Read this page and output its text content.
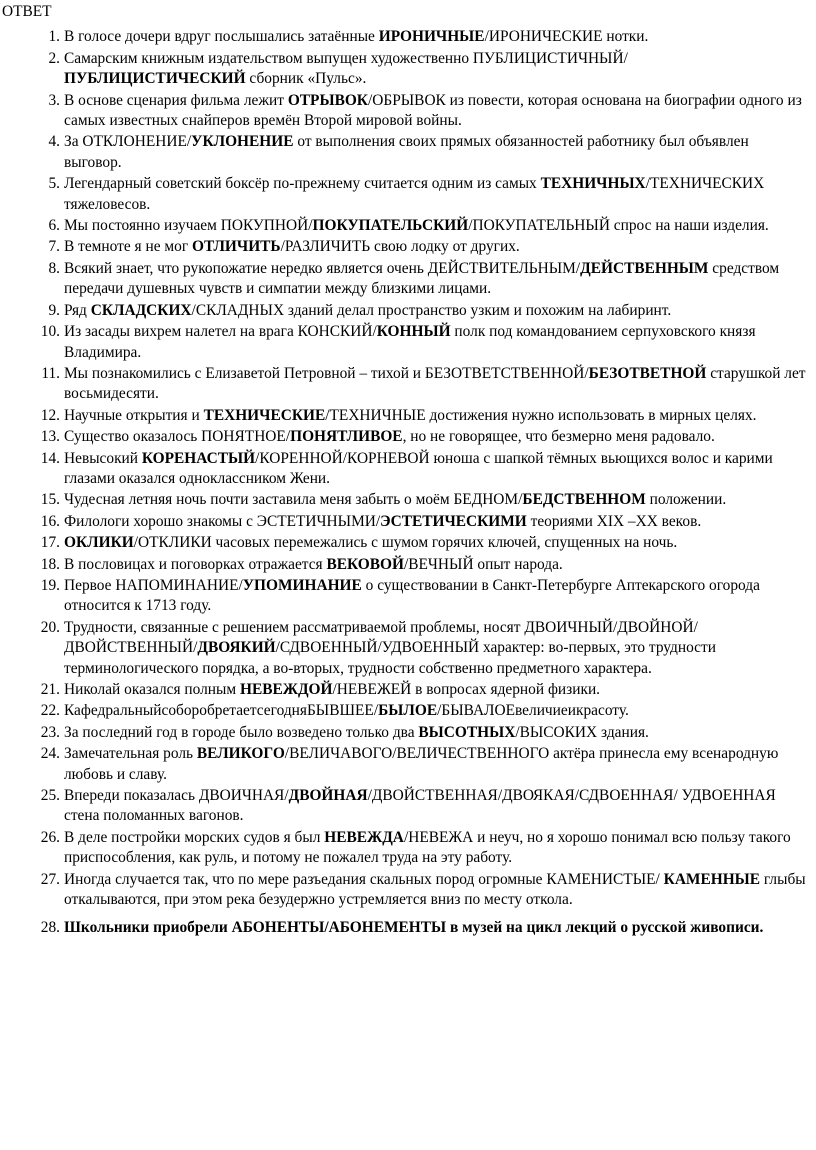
ОТВЕТ
1. В голосе дочери вдруг послышались затаённые ИРОНИЧНЫЕ/ИРОНИЧЕСКИЕ нотки.
2. Самарским книжным издательством выпущен художественно ПУБЛИЦИСТИЧНЫЙ/ПУБЛИЦИСТИЧЕСКИЙ сборник «Пульс».
3. В основе сценария фильма лежит ОТРЫВОК/ОБРЫВОК из повести, которая основана на биографии одного из самых известных снайперов времён Второй мировой войны.
4. За ОТКЛОНЕНИЕ/УКЛОНЕНИЕ от выполнения своих прямых обязанностей работнику был объявлен выговор.
5. Легендарный советский боксёр по-прежнему считается одним из самых ТЕХНИЧНЫХ/ТЕХНИЧЕСКИХ тяжеловесов.
6. Мы постоянно изучаем ПОКУПНОЙ/ПОКУПАТЕЛЬСКИЙ/ПОКУПАТЕЛЬНЫЙ спрос на наши изделия.
7. В темноте я не мог ОТЛИЧИТЬ/РАЗЛИЧИТЬ свою лодку от других.
8. Всякий знает, что рукопожатие нередко является очень ДЕЙСТВИТЕЛЬНЫМ/ДЕЙСТВЕННЫМ средством передачи душевных чувств и симпатии между близкими лицами.
9. Ряд СКЛАДСКИХ/СКЛАДНЫХ зданий делал пространство узким и похожим на лабиринт.
10. Из засады вихрем налетел на врага КОНСКИЙ/КОННЫЙ полк под командованием серпуховского князя Владимира.
11. Мы познакомились с Елизаветой Петровной – тихой и БЕЗОТВЕТСТВЕННОЙ/БЕЗОТВЕТНОЙ старушкой лет восьмидесяти.
12. Научные открытия и ТЕХНИЧЕСКИЕ/ТЕХНИЧНЫЕ достижения нужно использовать в мирных целях.
13. Существо оказалось ПОНЯТНОЕ/ПОНЯТЛИВОЕ, но не говорящее, что безмерно меня радовало.
14. Невысокий КОРЕНАСТЫЙ/КОРЕННОЙ/КОРНЕВОЙ юноша с шапкой тёмных вьющихся волос и карими глазами оказался одноклассником Жени.
15. Чудесная летняя ночь почти заставила меня забыть о моём БЕДНОМ/БЕДСТВЕННОМ положении.
16. Филологи хорошо знакомы с ЭСТЕТИЧНЫМИ/ЭСТЕТИЧЕСКИМИ теориями XIX –XX веков.
17. ОКЛИКИ/ОТКЛИКИ часовых перемежались с шумом горячих ключей, спущенных на ночь.
18. В пословицах и поговорках отражается ВЕКОВОЙ/ВЕЧНЫЙ опыт народа.
19. Первое НАПОМИНАНИЕ/УПОМИНАНИЕ о существовании в Санкт-Петербурге Аптекарского огорода относится к 1713 году.
20. Трудности, связанные с решением рассматриваемой проблемы, носят ДВОИЧНЫЙ/ДВОЙНОЙ/ДВОЙСТВЕННЫЙ/ДВОЯКИЙ/СДВОЕННЫЙ/УДВОЕННЫЙ характер: во-первых, это трудности терминологического порядка, а во-вторых, трудности собственно предметного характера.
21. Николай оказался полным НЕВЕЖДОЙ/НЕВЕЖЕЙ в вопросах ядерной физики.
22. КафедральныйсоборобретаетсегодняБЫВШЕЕ/БЫЛОЕ/БЫВАЛОЕвеличиеикрасоту.
23. За последний год в городе было возведено только два ВЫСОТНЫХ/ВЫСОКИХ здания.
24. Замечательная роль ВЕЛИКОГО/ВЕЛИЧАВОГО/ВЕЛИЧЕСТВЕННОГО актёра принесла ему всенародную любовь и славу.
25. Впереди показалась ДВОИЧНАЯ/ДВОЙНАЯ/ДВОЙСТВЕННАЯ/ДВОЯКАЯ/СДВОЕННАЯ/ УДВОЕННАЯ стена поломанных вагонов.
26. В деле постройки морских судов я был НЕВЕЖДА/НЕВЕЖА и неуч, но я хорошо понимал всю пользу такого приспособления, как руль, и потому не пожалел труда на эту работу.
27. Иногда случается так, что по мере разъедания скальных пород огромные КАМЕНИСТЫЕ/ КАМЕННЫЕ глыбы откалываются, при этом река безудержно устремляется вниз по месту откола.
28. Школьники приобрели АБОНЕНТЫ/АБОНЕМЕНТЫ в музей на цикл лекций о русской живописи.
